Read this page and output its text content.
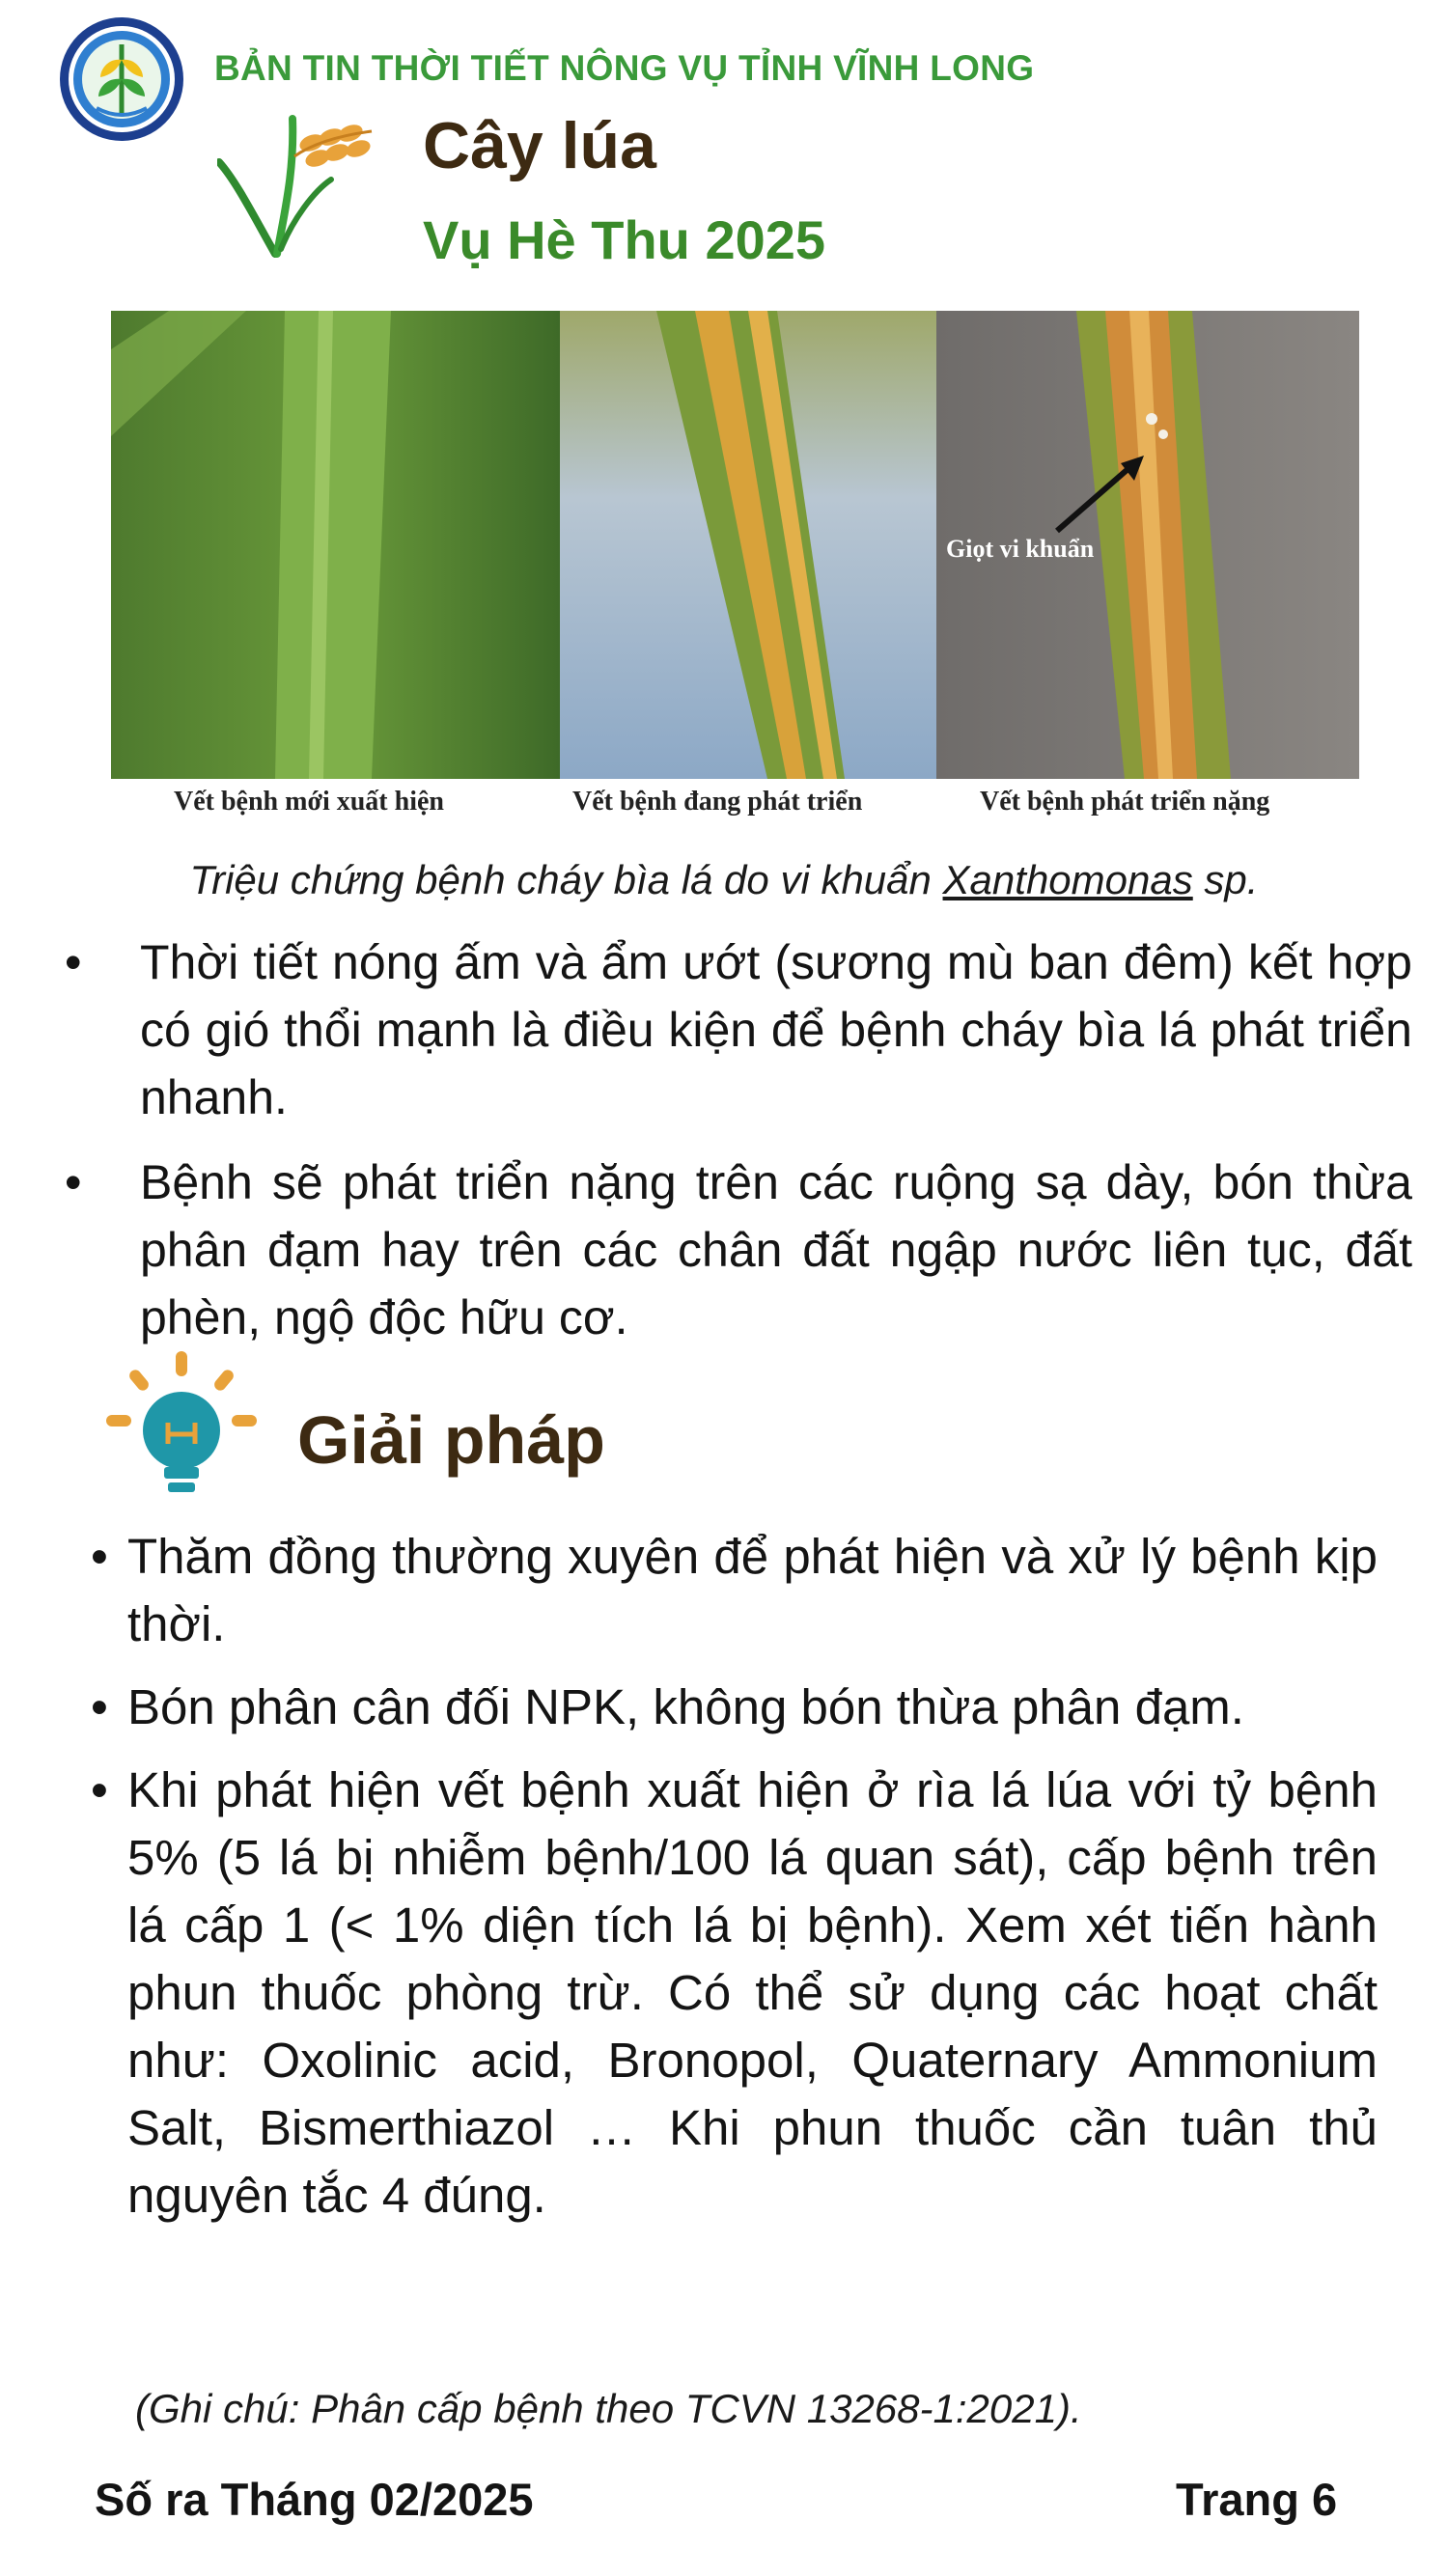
BẢN TIN THỜI TIẾT NÔNG VỤ TỈNH VĨNH LONG
Cây lúa
Vụ Hè Thu 2025
Giọt vi khuẩn
Vết bệnh mới xuất hiện	Vết bệnh đang phát triển	Vết bệnh phát triển nặng
Triệu chứng bệnh cháy bìa lá do vi khuẩn Xanthomonas sp.
• Thời tiết nóng ấm và ẩm ướt (sương mù ban đêm) kết hợp có gió thổi mạnh là điều kiện để bệnh cháy bìa lá phát triển nhanh.
• Bệnh sẽ phát triển nặng trên các ruộng sạ dày, bón thừa phân đạm hay trên các chân đất ngập nước liên tục, đất phèn, ngộ độc hữu cơ.
Giải pháp
• Thăm đồng thường xuyên để phát hiện và xử lý bệnh kịp thời.
• Bón phân cân đối NPK, không bón thừa phân đạm.
• Khi phát hiện vết bệnh xuất hiện ở rìa lá lúa với tỷ bệnh 5% (5 lá bị nhiễm bệnh/100 lá quan sát), cấp bệnh trên lá cấp 1 (< 1% diện tích lá bị bệnh). Xem xét tiến hành phun thuốc phòng trừ. Có thể sử dụng các hoạt chất như: Oxolinic acid, Bronopol, Quaternary Ammonium Salt, Bismerthiazol … Khi phun thuốc cần tuân thủ nguyên tắc 4 đúng.
(Ghi chú: Phân cấp bệnh theo TCVN 13268-1:2021).
Số ra Tháng 02/2025	Trang 6
